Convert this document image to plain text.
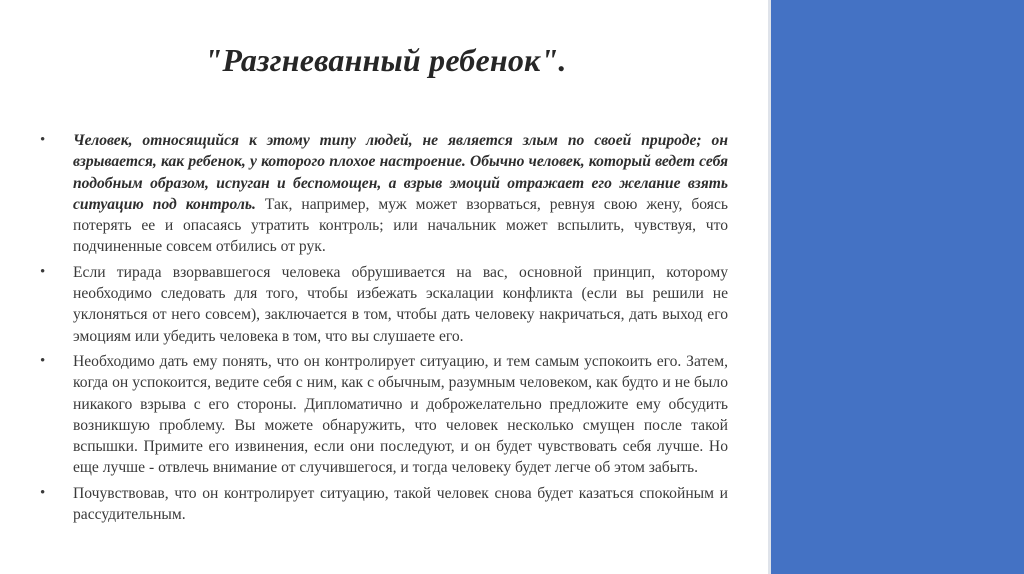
"Разгневанный ребенок".
• Человек, относящийся к этому типу людей, не является злым по своей природе; он взрывается, как ребенок, у которого плохое настроение. Обычно человек, который ведет себя подобным образом, испуган и беспомощен, а взрыв эмоций отражает его желание взять ситуацию под контроль. Так, например, муж может взорваться, ревнуя свою жену, боясь потерять ее и опасаясь утратить контроль; или начальник может вспылить, чувствуя, что подчиненные совсем отбились от рук.
• Если тирада взорвавшегося человека обрушивается на вас, основной принцип, которому необходимо следовать для того, чтобы избежать эскалации конфликта (если вы решили не уклоняться от него совсем), заключается в том, чтобы дать человеку накричаться, дать выход его эмоциям или убедить человека в том, что вы слушаете его.
• Необходимо дать ему понять, что он контролирует ситуацию, и тем самым успокоить его. Затем, когда он успокоится, ведите себя с ним, как с обычным, разумным человеком, как будто и не было никакого взрыва с его стороны. Дипломатично и доброжелательно предложите ему обсудить возникшую проблему. Вы можете обнаружить, что человек несколько смущен после такой вспышки. Примите его извинения, если они последуют, и он будет чувствовать себя лучше. Но еще лучше - отвлечь внимание от случившегося, и тогда человеку будет легче об этом забыть.
• Почувствовав, что он контролирует ситуацию, такой человек снова будет казаться спокойным и рассудительным.
